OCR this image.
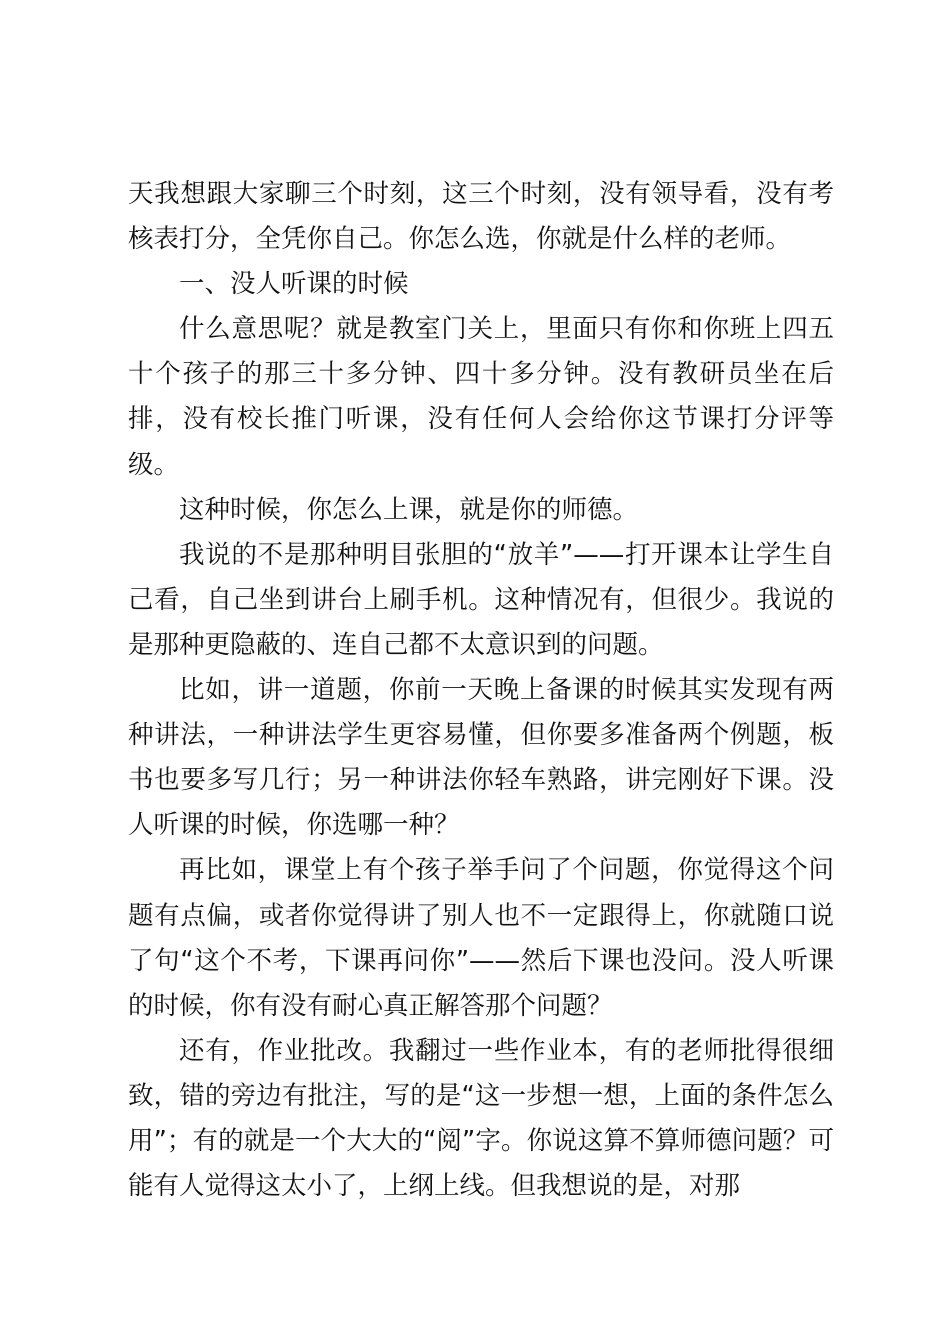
天我想跟大家聊三个时刻，这三个时刻，没有领导看，没有考核表打分，全凭你自己。你怎么选，你就是什么样的老师。

一、没人听课的时候

什么意思呢？就是教室门关上，里面只有你和你班上四五十个孩子的那三十多分钟、四十多分钟。没有教研员坐在后排，没有校长推门听课，没有任何人会给你这节课打分评等级。

这种时候，你怎么上课，就是你的师德。

我说的不是那种明目张胆的“放羊”——打开课本让学生自己看，自己坐到讲台上刷手机。这种情况有，但很少。我说的是那种更隐蔽的、连自己都不太意识到的问题。

比如，讲一道题，你前一天晚上备课的时候其实发现有两种讲法，一种讲法学生更容易懂，但你要多准备两个例题，板书也要多写几行；另一种讲法你轻车熟路，讲完刚好下课。没人听课的时候，你选哪一种？

再比如，课堂上有个孩子举手问了个问题，你觉得这个问题有点偏，或者你觉得讲了别人也不一定跟得上，你就随口说了句“这个不考，下课再问你”——然后下课也没问。没人听课的时候，你有没有耐心真正解答那个问题？

还有，作业批改。我翻过一些作业本，有的老师批得很细致，错的旁边有批注，写的是“这一步想一想，上面的条件怎么用”；有的就是一个大大的“阅”字。你说这算不算师德问题？可能有人觉得这太小了，上纲上线。但我想说的是，对那
